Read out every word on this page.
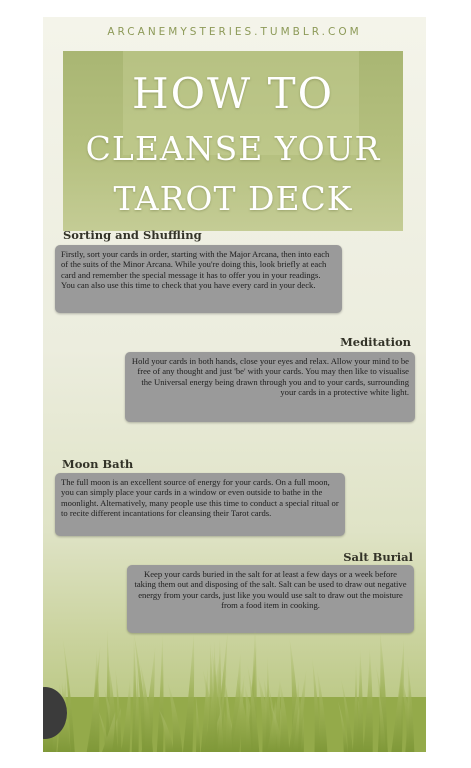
ARCANEMYSTERIES.TUMBLR.COM
HOW TO
CLEANSE YOUR
TAROT DECK
Sorting and Shuffling
Firstly, sort your cards in order, starting with the Major Arcana, then into each of the suits of the Minor Arcana. While you're doing this, look briefly at each card and remember the special message it has to offer you in your readings. You can also use this time to check that you have every card in your deck.
Meditation
Hold your cards in both hands, close your eyes and relax. Allow your mind to be free of any thought and just 'be' with your cards. You may then like to visualise the Universal energy being drawn through you and to your cards, surrounding your cards in a protective white light.
Moon Bath
The full moon is an excellent source of energy for your cards. On a full moon, you can simply place your cards in a window or even outside to bathe in the moonlight. Alternatively, many people use this time to conduct a special ritual or to recite different incantations for cleansing their Tarot cards.
Salt Burial
Keep your cards buried in the salt for at least a few days or a week before taking them out and disposing of the salt. Salt can be used to draw out negative energy from your cards, just like you would use salt to draw out the moisture from a food item in cooking.
